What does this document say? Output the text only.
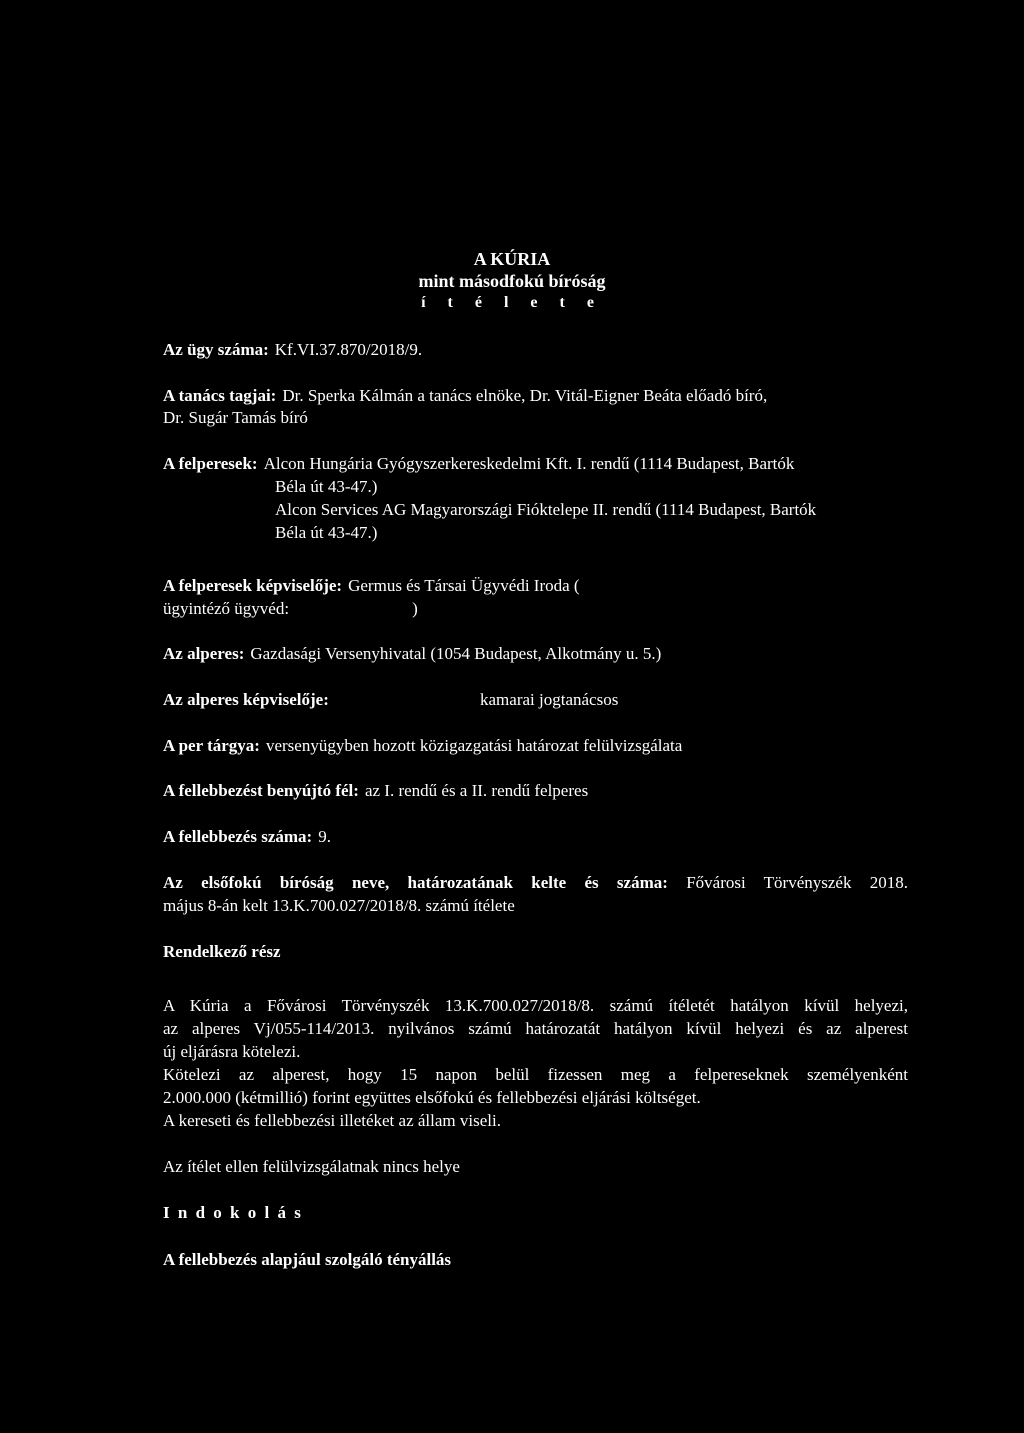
A KÚRIA
mint másodfokú bíróság
í t é l e t e
Az ügy száma: Kf.VI.37.870/2018/9.
A tanács tagjai: Dr. Sperka Kálmán a tanács elnöke, Dr. Vitál-Eigner Beáta előadó bíró,
Dr. Sugár Tamás bíró
A felperesek: Alcon Hungária Gyógyszerkereskedelmi Kft. I. rendű (1114 Budapest, Bartók
Béla út 43-47.)
Alcon Services AG Magyarországi Fióktelepe II. rendű (1114 Budapest, Bartók
Béla út 43-47.)
A felperesek képviselője: Germus és Társai Ügyvédi Iroda (
ügyintéző ügyvéd:	)
Az alperes: Gazdasági Versenyhivatal (1054 Budapest, Alkotmány u. 5.)
Az alperes képviselője:	kamarai jogtanácsos
A per tárgya: versenyügyben hozott közigazgatási határozat felülvizsgálata
A fellebbezést benyújtó fél: az I. rendű és a II. rendű felperes
A fellebbezés száma: 9.
Az elsőfokú bíróság neve, határozatának kelte és száma: Fővárosi Törvényszék 2018.
május 8-án kelt 13.K.700.027/2018/8. számú ítélete
Rendelkező rész
A Kúria a Fővárosi Törvényszék 13.K.700.027/2018/8. számú ítéletét hatályon kívül helyezi,
az alperes Vj/055-114/2013. nyilvános számú határozatát hatályon kívül helyezi és az alperest
új eljárásra kötelezi.
Kötelezi az alperest, hogy 15 napon belül fizessen meg a felpereseknek személyenként
2.000.000 (kétmillió) forint együttes elsőfokú és fellebbezési eljárási költséget.
A kereseti és fellebbezési illetéket az állam viseli.
Az ítélet ellen felülvizsgálatnak nincs helye
I n d o k o l á s
A fellebbezés alapjául szolgáló tényállás
